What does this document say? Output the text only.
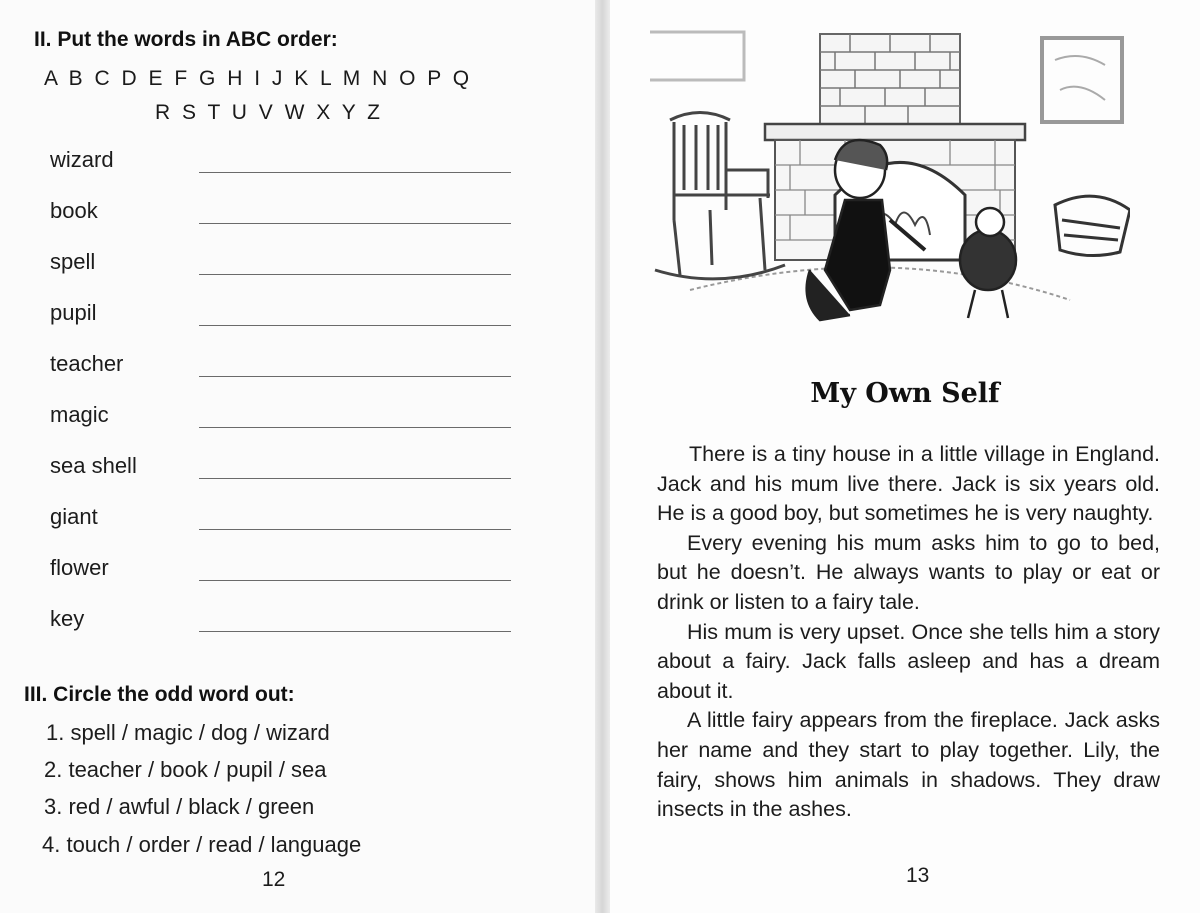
II. Put the words in ABC order:
A B C D E F G H I J K L M N O P Q
R S T U V W X Y Z
wizard
book
spell
pupil
teacher
magic
sea shell
giant
flower
key
III. Circle the odd word out:
1. spell / magic / dog / wizard
2. teacher / book / pupil / sea
3. red / awful / black / green
4. touch / order / read / language
12
My Own Self

There is a tiny house in a little village in England. Jack and his mum live there. Jack is six years old. He is a good boy, but sometimes he is very naughty.

Every evening his mum asks him to go to bed, but he doesn’t. He always wants to play or eat or drink or listen to a fairy tale.

His mum is very upset. Once she tells him a story about a fairy. Jack falls asleep and has a dream about it.

A little fairy appears from the fireplace. Jack asks her name and they start to play together. Lily, the fairy, shows him animals in shadows. They draw insects in the ashes.

13
